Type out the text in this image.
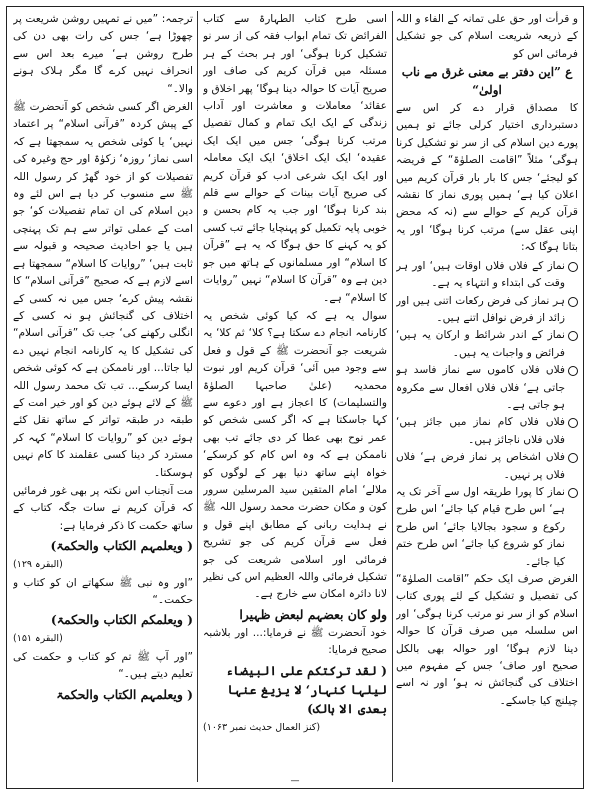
و قرأت اور حق علی تمانہ کے الفاء و اللہ کے ذریعہ شریعت اسلام کی جو تشکیل فرمائی اس کو

ع ”این دفتر بے معنی غرق مے ناب اولیٰ“

کا مصداق قرار دے کر اس سے دستبرداری اختیار کرلی جائے تو ہمیں پورے دین اسلام کی از سر نو تشکیل کرنا ہوگی‘ مثلاً ”اقامت الصلوٰۃ“ کے فریضہ کو لیجئے‘ جس کا بار بار قرآن کریم میں اعلان کیا ہے‘ ہمیں پوری نماز کا نقشہ قرآن کریم کے حوالے سے (نہ کہ محض اپنی عقل سے) مرتب کرنا ہوگا‘ اور یہ بتانا ہوگا کہ:

نماز کے فلاں فلاں اوقات ہیں‘ اور ہر وقت کی ابتداء و انتہاء یہ ہے۔
ہر نماز کی فرض رکعات اتنی ہیں اور زائد از فرض نوافل اتنے ہیں۔
نماز کے اندر شرائط و ارکان یہ ہیں‘ فرائض و واجبات یہ ہیں۔
فلاں فلاں کاموں سے نماز فاسد ہو جاتی ہے‘ فلاں فلاں افعال سے مکروہ ہو جاتی ہے۔
فلاں فلاں کام نماز میں جائز ہیں‘ فلاں فلاں ناجائز ہیں۔
فلاں اشخاص پر نماز فرض ہے‘ فلاں فلاں پر نہیں۔
نماز کا پورا طریقہ اول سے آخر تک یہ ہے‘ اس طرح قیام کیا جائے‘ اس طرح رکوع و سجود بجالایا جائے‘ اس طرح نماز کو شروع کیا جائے‘ اس طرح ختم کیا جائے۔

الغرض صرف ایک حکم ”اقامت الصلوٰۃ“ کی تفصیل و تشکیل کے لئے پوری کتاب اسلام کو از سر نو مرتب کرنا ہوگی‘ اور اس سلسلہ میں صرف قرآن کا حوالہ دینا لازم ہوگا‘ اور حوالہ بھی بالکل صحیح اور صاف‘ جس کے مفہوم میں اختلاف کی گنجائش نہ ہو‘ اور نہ اسے چیلنج کیا جاسکے۔

اسی طرح کتاب الطہارۃ سے کتاب الفرائض تک تمام ابواب فقہ کی از سر نو تشکیل کرنا ہوگی‘ اور ہر بحث کے ہر مسئلہ میں قرآن کریم کی صاف اور صریح آیات کا حوالہ دینا ہوگا‘ پھر اخلاق و عقائد‘ معاملات و معاشرت اور آداب زندگی کے ایک ایک تمام و کمال تفصیل مرتب کرنا ہوگی‘ جس میں ایک ایک عقیدہ‘ ایک ایک اخلاق‘ ایک ایک معاملہ اور ایک ایک شرعی ادب کو قرآن کریم کی صریح آیات بینات کے حوالے سے قلم بند کرنا ہوگا‘ اور جب یہ کام بحسن و خوبی پایہ تکمیل کو پہنچایا جائے تب کسی کو یہ کہنے کا حق ہوگا کہ یہ ہے ”قرآن کا اسلام“ اور مسلمانوں کے ہاتھ میں جو دین ہے وہ ”قرآن کا اسلام“ نہیں ”روایات کا اسلام“ ہے۔

سوال یہ ہے کہ کیا کوئی شخص یہ کارنامہ انجام دے سکتا ہے؟ کلا‘ ثم کلا‘ یہ شریعت جو آنحضرت ﷺ کے قول و فعل سے وجود میں آئی‘ قرآن کریم اور نبوت محمدیہ (علیٰ صاحبہا الصلوٰۃ والتسلیمات) کا اعجاز ہے اور دعوے سے کہا جاسکتا ہے کہ اگر کسی شخص کو عمر نوح بھی عطا کر دی جائے تب بھی ناممکن ہے کہ وہ اس کام کو کرسکے‘ خواہ اپنے ساتھ دنیا بھر کے لوگوں کو ملالے‘ امام المتقین سید المرسلین سرور کون و مکان حضرت محمد رسول اللہ ﷺ نے ہدایت ربانی کے مطابق اپنے قول و فعل سے قرآن کریم کی جو تشریح فرمائی اور اسلامی شریعت کی جو تشکیل فرمائی واللہ العظیم اس کی نظیر لانا دائرہ امکان سے خارج ہے۔

ولو کان بعضہم لبعض ظہیرا

خود آنحضرت ﷺ نے فرمایا:... اور بلاشبہ صحیح فرمایا:

( لقد ترکتکم علی البیضاء لیلہا کنہار‘ لا یزیغ عنہا بعدی الا ہالک)

(کنز العمال حدیث نمبر ۱۰۶۳)

ترجمہ: ”میں نے تمہیں روشن شریعت پر چھوڑا ہے‘ جس کی رات بھی دن کی طرح روشن ہے‘ میرے بعد اس سے انحراف نہیں کرے گا مگر ہلاک ہونے والا۔“

الغرض اگر کسی شخص کو آنحضرت ﷺ کے پیش کردہ ”قرآنی اسلام“ پر اعتماد نہیں‘ یا کوئی شخص یہ سمجھتا ہے کہ اسی نماز‘ روزہ‘ زکوٰۃ اور حج وغیرہ کی تفصیلات کو از خود گھڑ کر رسول اللہ ﷺ سے منسوب کر دیا ہے اس لئے وہ دین اسلام کی ان تمام تفصیلات کو‘ جو امت کے عملی تواتر سے ہم تک پہنچی ہیں یا جو احادیث صحیحہ و قبولہ سے ثابت ہیں‘ ”روایات کا اسلام“ سمجھتا ہے اسے لازم ہے کہ صحیح ”قرآنی اسلام“ کا نقشہ پیش کرے‘ جس میں نہ کسی کے اختلاف کی گنجائش ہو نہ کسی کے انگلی رکھنے کی‘ جب تک ”قرآنی اسلام“ کی تشکیل کا یہ کارنامہ انجام نہیں دے لیا جاتا... اور ناممکن ہے کہ کوئی شخص ایسا کرسکے... تب تک محمد رسول اللہ ﷺ کے لائے ہوئے دین کو اور خیر امت کے طبقہ در طبقہ تواتر کے ساتھ نقل کئے ہوئے دین کو ”روایات کا اسلام“ کہہ کر مسترد کر دینا کسی عقلمند کا کام نہیں ہوسکتا۔

مت آنجناب اس نکتہ پر بھی غور فرمائیں کہ قرآن کریم نے سات جگہ کتاب کے ساتھ حکمت کا ذکر فرمایا ہے:

( ویعلمہم الکتاب والحکمۃ)

(البقرہ ۱۲۹)

”اور وہ نبی ﷺ سکھاتے ان کو کتاب و حکمت۔“

( ویعلمکم الکتاب والحکمۃ)

(البقرہ ۱۵۱)

”اور آپ ﷺ تم کو کتاب و حکمت کی تعلیم دیتے ہیں۔“

( ویعلمہم الکتاب والحکمۃ

—
